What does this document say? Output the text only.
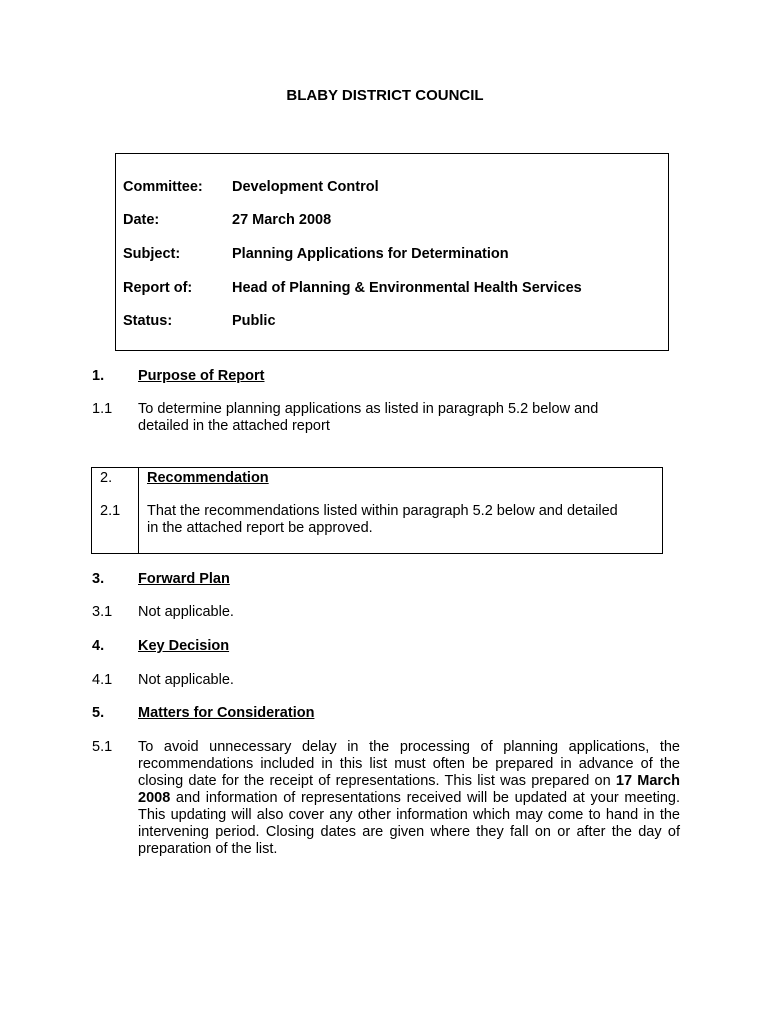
BLABY DISTRICT COUNCIL
Committee: Development Control
Date:	27 March 2008
Subject:	Planning Applications for Determination
Report of:	Head of Planning & Environmental Health Services
Status:	Public
1. Purpose of Report
1.1 To determine planning applications as listed in paragraph 5.2 below and
detailed in the attached report
2. Recommendation
2.1 That the recommendations listed within paragraph 5.2 below and detailed
in the attached report be approved.
3. Forward Plan
3.1 Not applicable.
4. Key Decision
4.1 Not applicable.
5. Matters for Consideration
5.1 To avoid unnecessary delay in the processing of planning applications, the recommendations included in this list must often be prepared in advance of the closing date for the receipt of representations. This list was prepared on 17 March 2008 and information of representations received will be updated at your meeting. This updating will also cover any other information which may come to hand in the intervening period. Closing dates are given where they fall on or after the day of preparation of the list.
